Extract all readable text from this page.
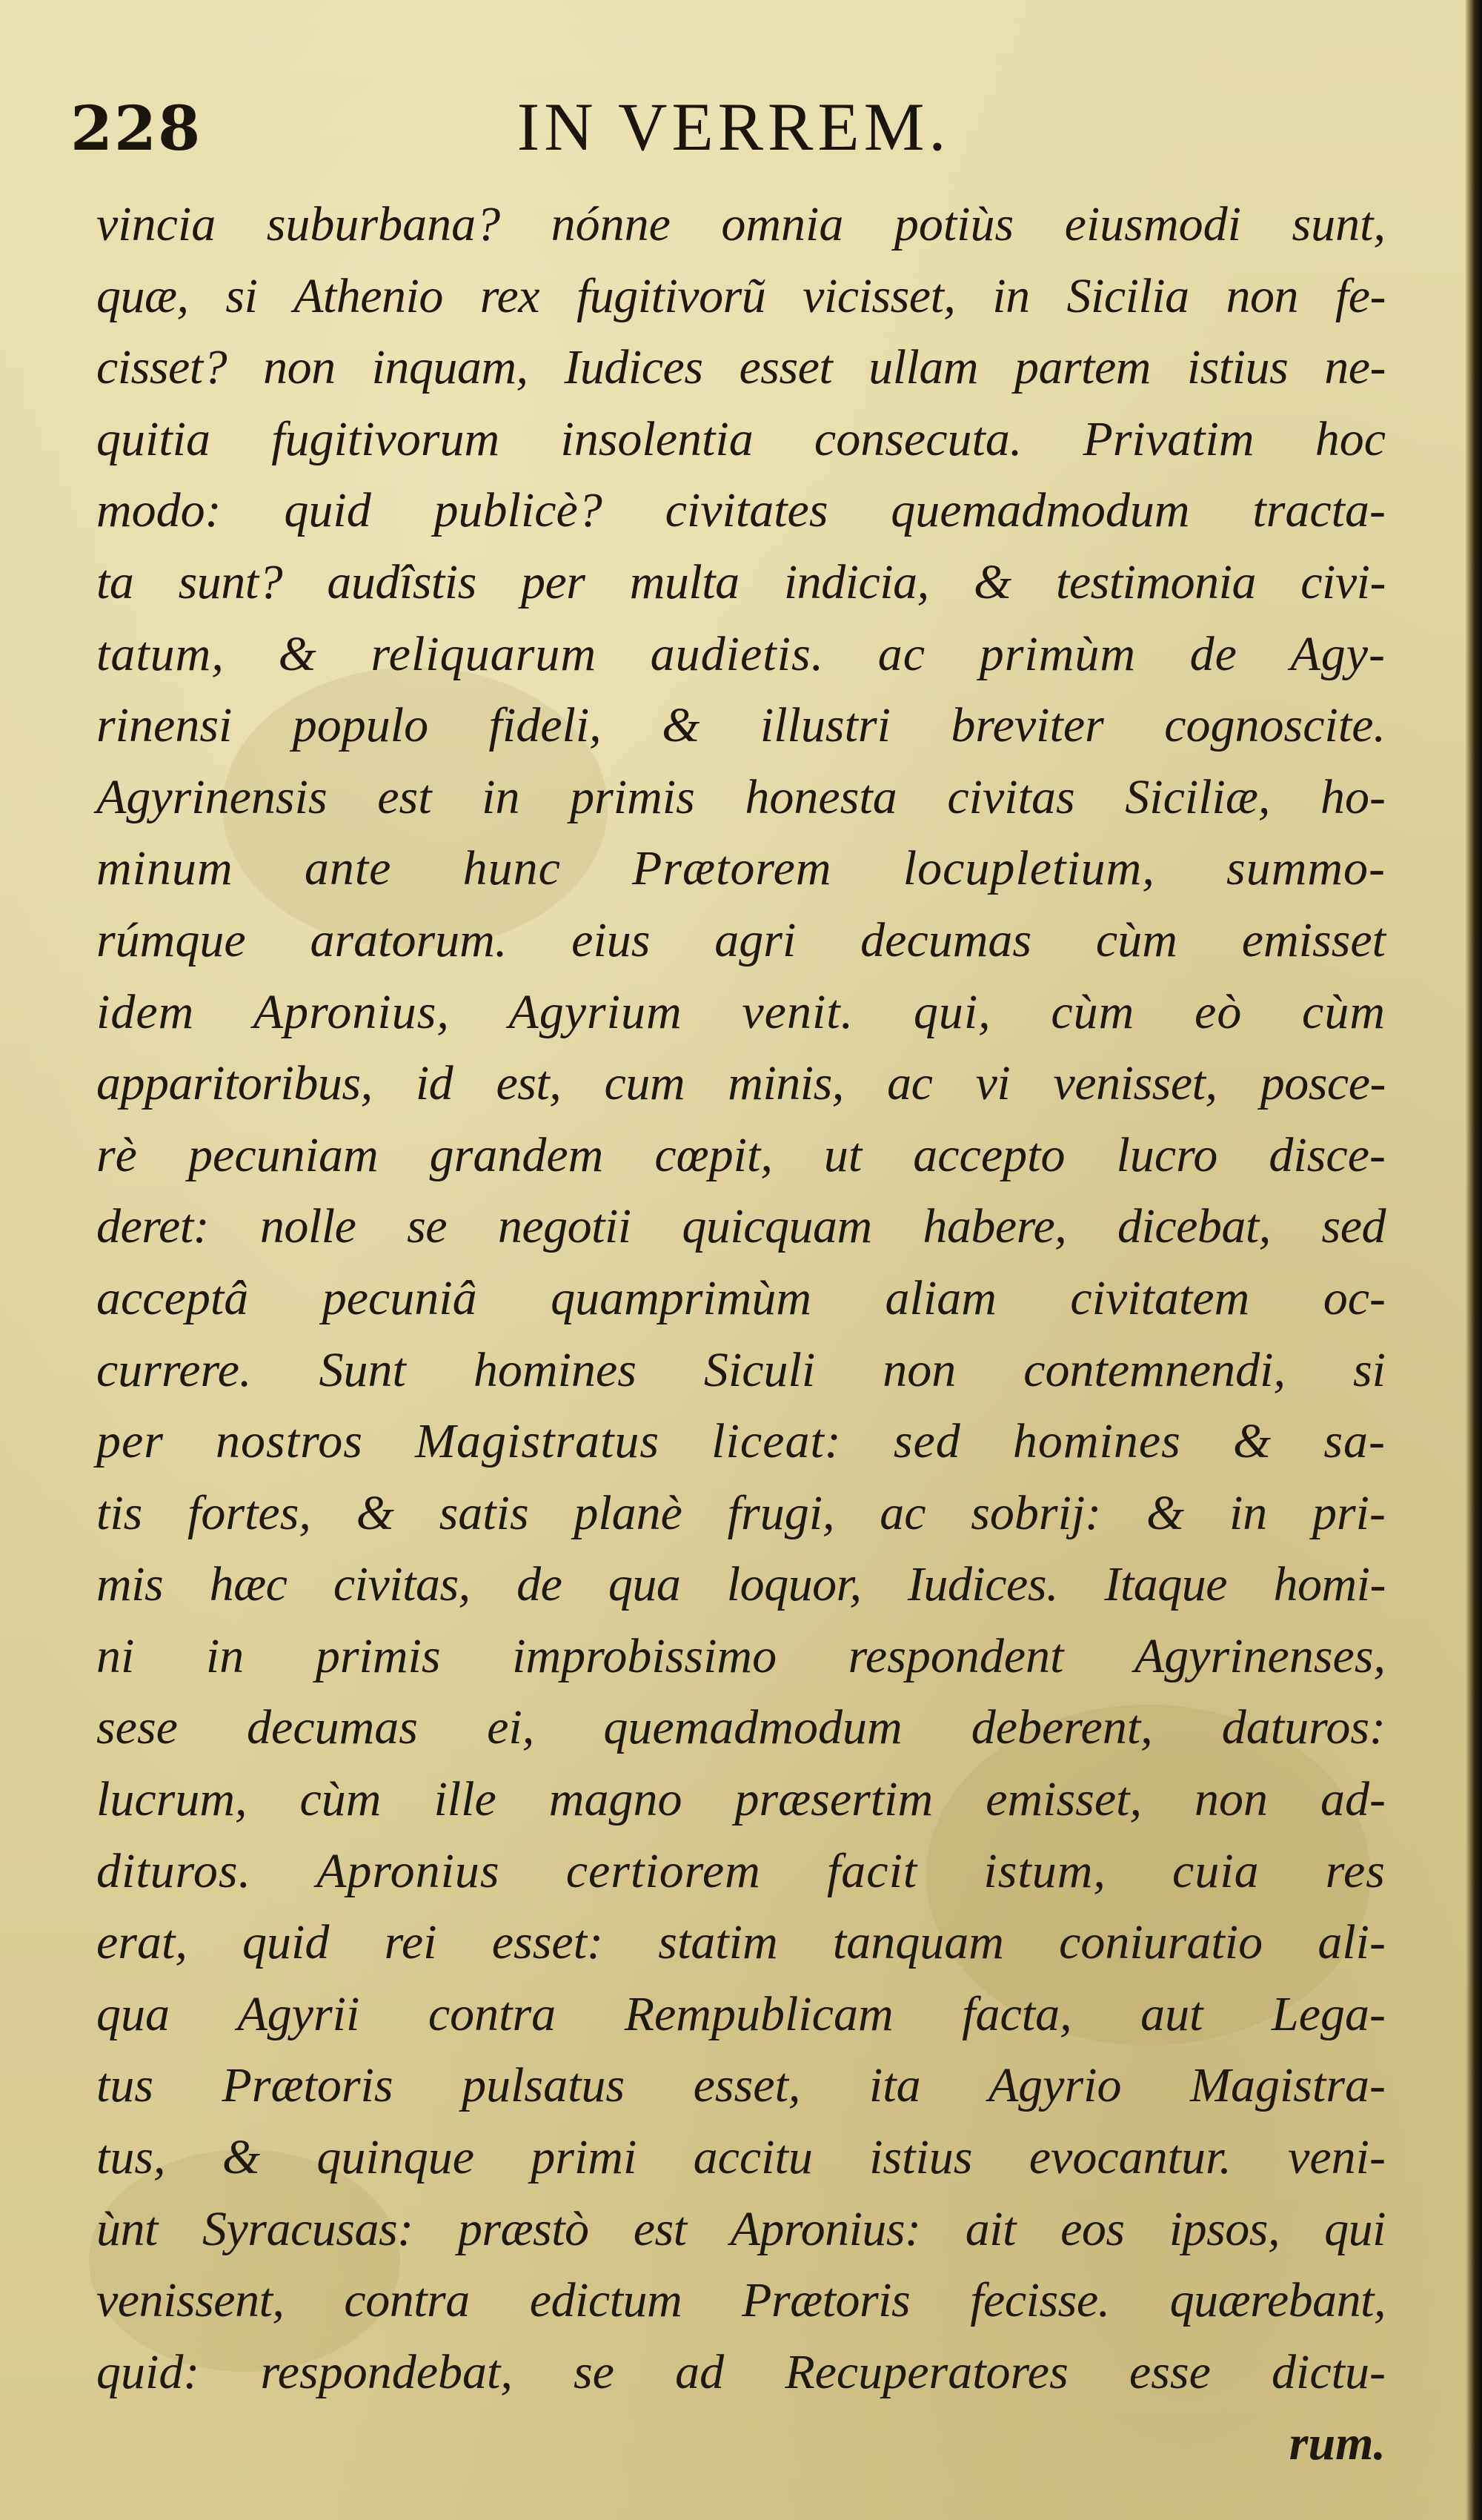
228	IN VERREM.
vincia suburbana? nónne omnia potiùs eiusmodi sunt,
quæ, si Athenio rex fugitivorũ vicisset, in Sicilia non fe-
cisset? non inquam, Iudices esset ullam partem istius ne-
quitia fugitivorum insolentia consecuta. Privatim hoc
modo: quid publicè? civitates quemadmodum tracta-
ta sunt? audîstis per multa indicia, & testimonia civi-
tatum, & reliquarum audietis. ac primùm de Agy-
rinensi populo fideli, & illustri breviter cognoscite.
Agyrinensis est in primis honesta civitas Siciliæ, ho-
minum ante hunc Prætorem locupletium, summo-
rúmque aratorum. eius agri decumas cùm emisset
idem Apronius, Agyrium venit. qui, cùm eò cùm
apparitoribus, id est, cum minis, ac vi venisset, posce-
rè pecuniam grandem cœpit, ut accepto lucro disce-
deret: nolle se negotii quicquam habere, dicebat, sed
acceptâ pecuniâ quamprimùm aliam civitatem oc-
currere. Sunt homines Siculi non contemnendi, si
per nostros Magistratus liceat: sed homines & sa-
tis fortes, & satis planè frugi, ac sobrij: & in pri-
mis hæc civitas, de qua loquor, Iudices. Itaque homi-
ni in primis improbissimo respondent Agyrinenses,
sese decumas ei, quemadmodum deberent, daturos:
lucrum, cùm ille magno præsertim emisset, non ad-
dituros. Apronius certiorem facit istum, cuia res
erat, quid rei esset: statim tanquam coniuratio ali-
qua Agyrii contra Rempublicam facta, aut Lega-
tus Prætoris pulsatus esset, ita Agyrio Magistra-
tus, & quinque primi accitu istius evocantur. veni-
ùnt Syracusas: præstò est Apronius: ait eos ipsos, qui
venissent, contra edictum Prætoris fecisse. quærebant,
quid: respondebat, se ad Recuperatores esse dictu-
rum.
